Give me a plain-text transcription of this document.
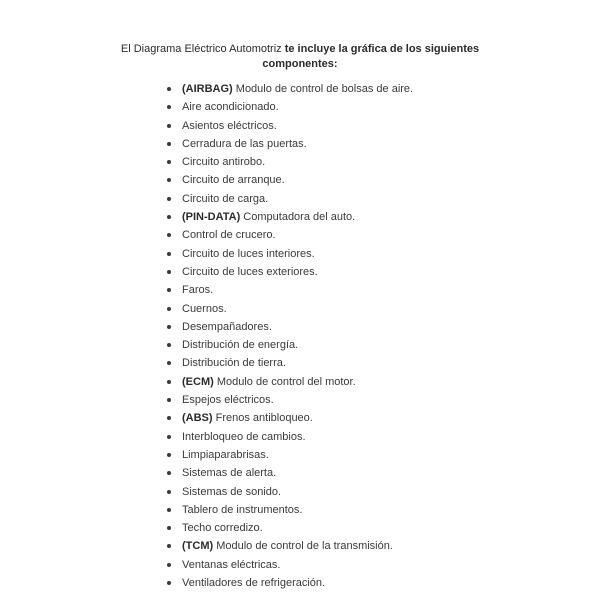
El Diagrama Eléctrico Automotriz te incluye la gráfica de los siguientes
componentes:
(AIRBAG) Modulo de control de bolsas de aire.
Aire acondicionado.
Asientos eléctricos.
Cerradura de las puertas.
Circuito antirobo.
Circuito de arranque.
Circuito de carga.
(PIN-DATA) Computadora del auto.
Control de crucero.
Circuito de luces interiores.
Circuito de luces exteriores.
Faros.
Cuernos.
Desempañadores.
Distribución de energía.
Distribución de tierra.
(ECM) Modulo de control del motor.
Espejos eléctricos.
(ABS) Frenos antibloqueo.
Interbloqueo de cambios.
Limpiaparabrisas.
Sistemas de alerta.
Sistemas de sonido.
Tablero de instrumentos.
Techo corredizo.
(TCM) Modulo de control de la transmisión.
Ventanas eléctricas.
Ventiladores de refrigeración.
